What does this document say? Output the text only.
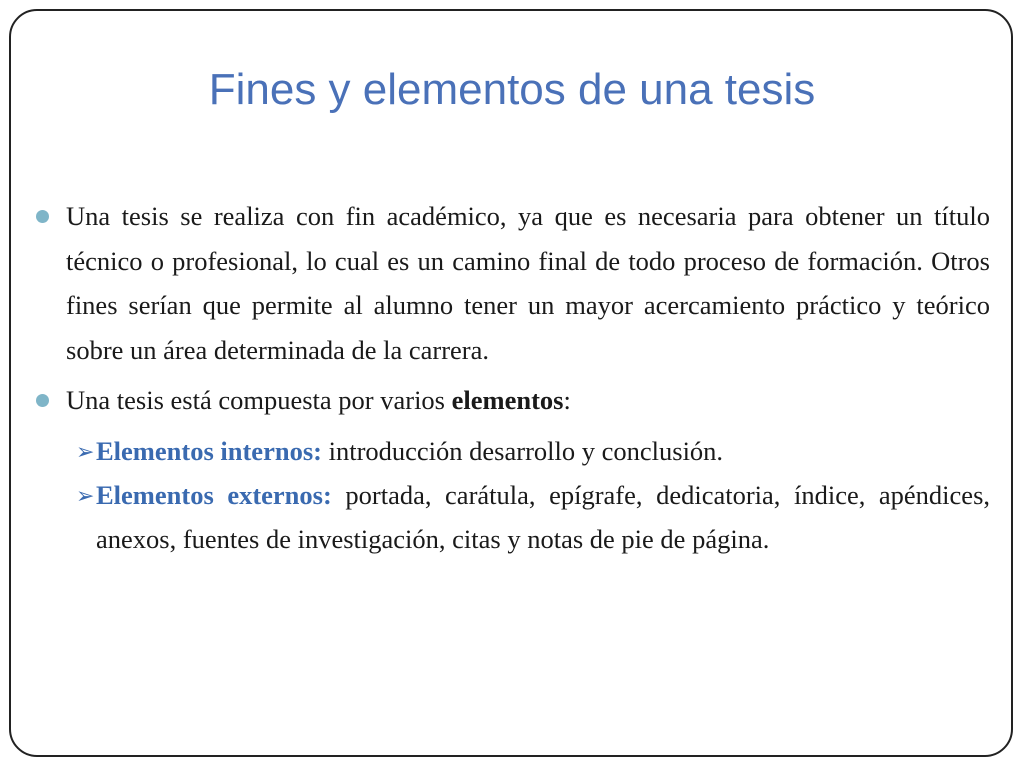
Fines y elementos de una tesis
Una tesis se realiza con fin académico, ya que es necesaria para obtener un título técnico o profesional, lo cual es un camino final de todo proceso de formación. Otros fines serían que permite al alumno tener un mayor acercamiento práctico y teórico sobre un área determinada de la carrera.
Una tesis está compuesta por varios elementos:
➢ Elementos internos: introducción desarrollo y conclusión.
➢ Elementos externos: portada, carátula, epígrafe, dedicatoria, índice, apéndices, anexos, fuentes de investigación, citas y notas de pie de página.
